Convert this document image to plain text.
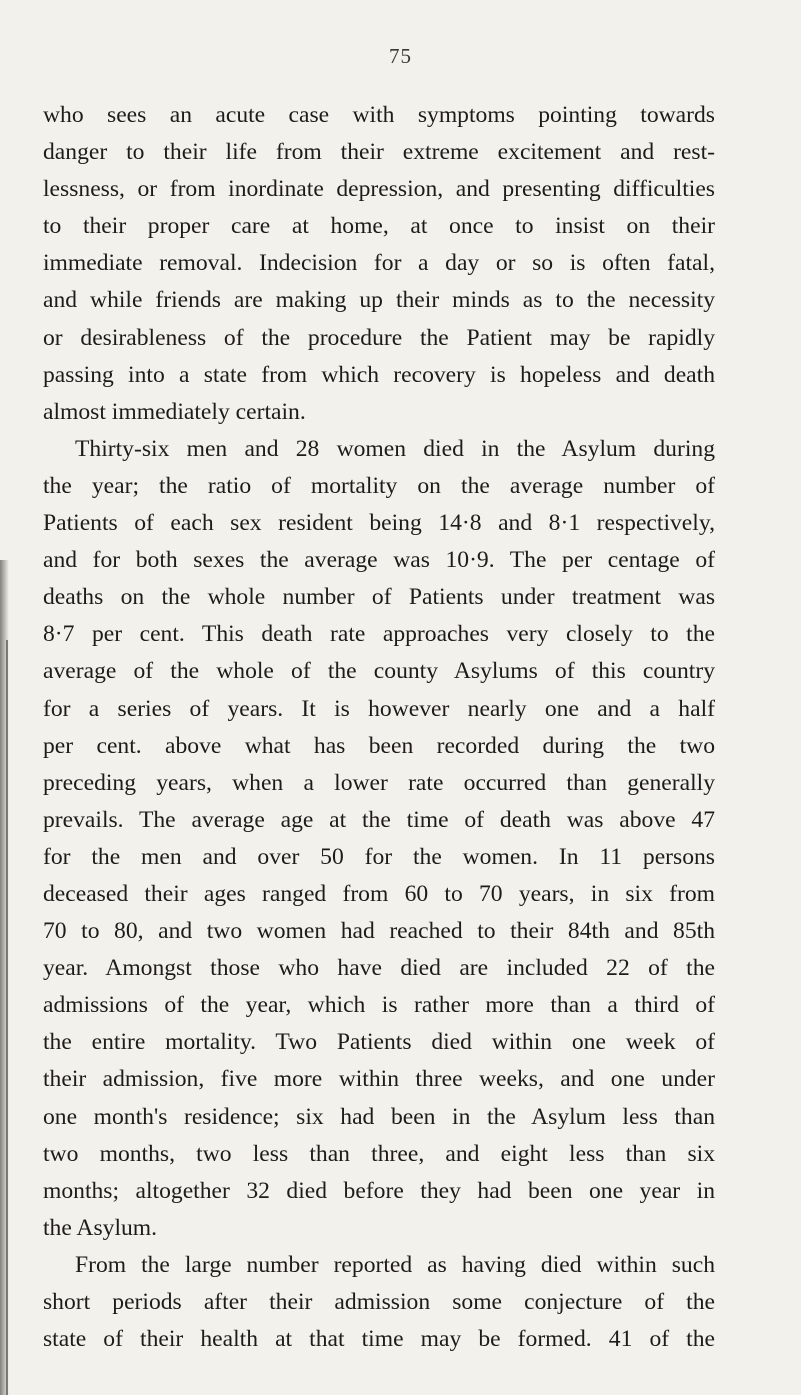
75
who sees an acute case with symptoms pointing towards
danger to their life from their extreme excitement and rest-
lessness, or from inordinate depression, and presenting difficulties
to their proper care at home, at once to insist on their
immediate removal. Indecision for a day or so is often fatal,
and while friends are making up their minds as to the necessity
or desirableness of the procedure the Patient may be rapidly
passing into a state from which recovery is hopeless and death
almost immediately certain.
Thirty-six men and 28 women died in the Asylum during
the year; the ratio of mortality on the average number of
Patients of each sex resident being 14·8 and 8·1 respectively,
and for both sexes the average was 10·9. The per centage of
deaths on the whole number of Patients under treatment was
8·7 per cent. This death rate approaches very closely to the
average of the whole of the county Asylums of this country
for a series of years. It is however nearly one and a half
per cent. above what has been recorded during the two
preceding years, when a lower rate occurred than generally
prevails. The average age at the time of death was above 47
for the men and over 50 for the women. In 11 persons
deceased their ages ranged from 60 to 70 years, in six from
70 to 80, and two women had reached to their 84th and 85th
year. Amongst those who have died are included 22 of the
admissions of the year, which is rather more than a third of
the entire mortality. Two Patients died within one week of
their admission, five more within three weeks, and one under
one month's residence; six had been in the Asylum less than
two months, two less than three, and eight less than six
months; altogether 32 died before they had been one year in
the Asylum.
From the large number reported as having died within such
short periods after their admission some conjecture of the
state of their health at that time may be formed. 41 of the
